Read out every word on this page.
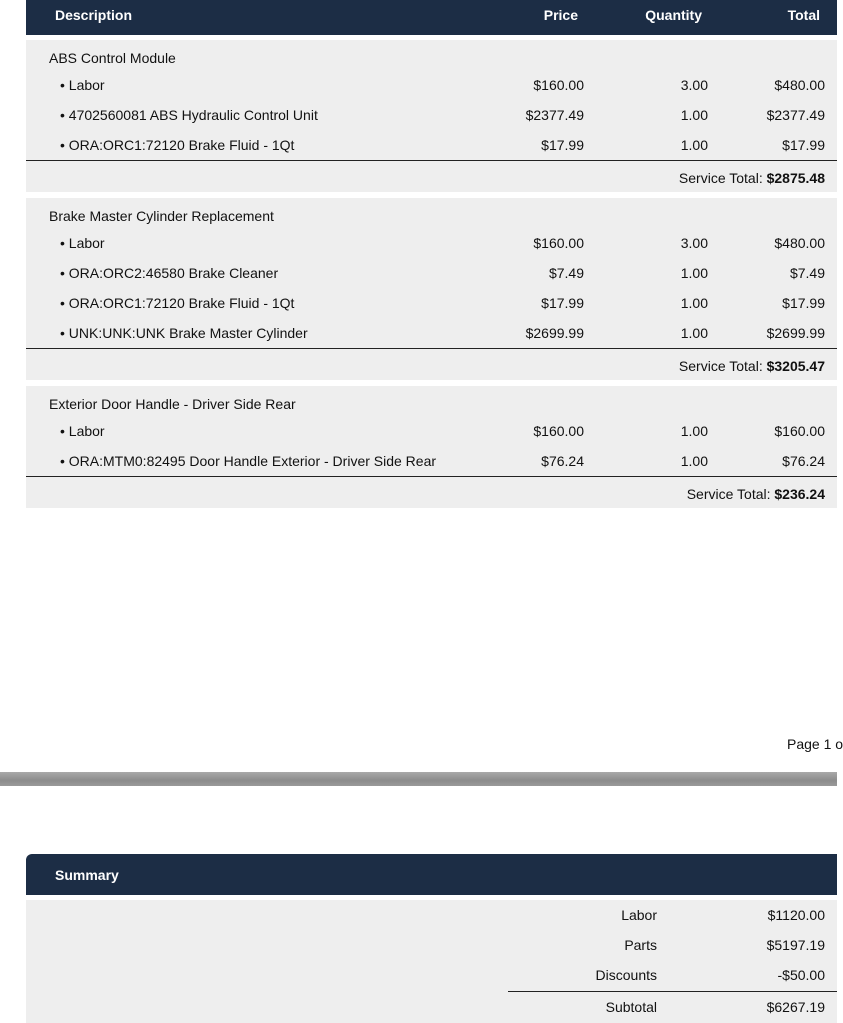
Description	Price	Quantity	Total
ABS Control Module
• Labor	$160.00	3.00	$480.00
• 4702560081 ABS Hydraulic Control Unit	$2377.49	1.00	$2377.49
• ORA:ORC1:72120 Brake Fluid - 1Qt	$17.99	1.00	$17.99
Service Total: $2875.48
Brake Master Cylinder Replacement
• Labor	$160.00	3.00	$480.00
• ORA:ORC2:46580 Brake Cleaner	$7.49	1.00	$7.49
• ORA:ORC1:72120 Brake Fluid - 1Qt	$17.99	1.00	$17.99
• UNK:UNK:UNK Brake Master Cylinder	$2699.99	1.00	$2699.99
Service Total: $3205.47
Exterior Door Handle - Driver Side Rear
• Labor	$160.00	1.00	$160.00
• ORA:MTM0:82495 Door Handle Exterior - Driver Side Rear	$76.24	1.00	$76.24
Service Total: $236.24
Page 1 o
Summary
Labor	$1120.00
Parts	$5197.19
Discounts	-$50.00
Subtotal	$6267.19
